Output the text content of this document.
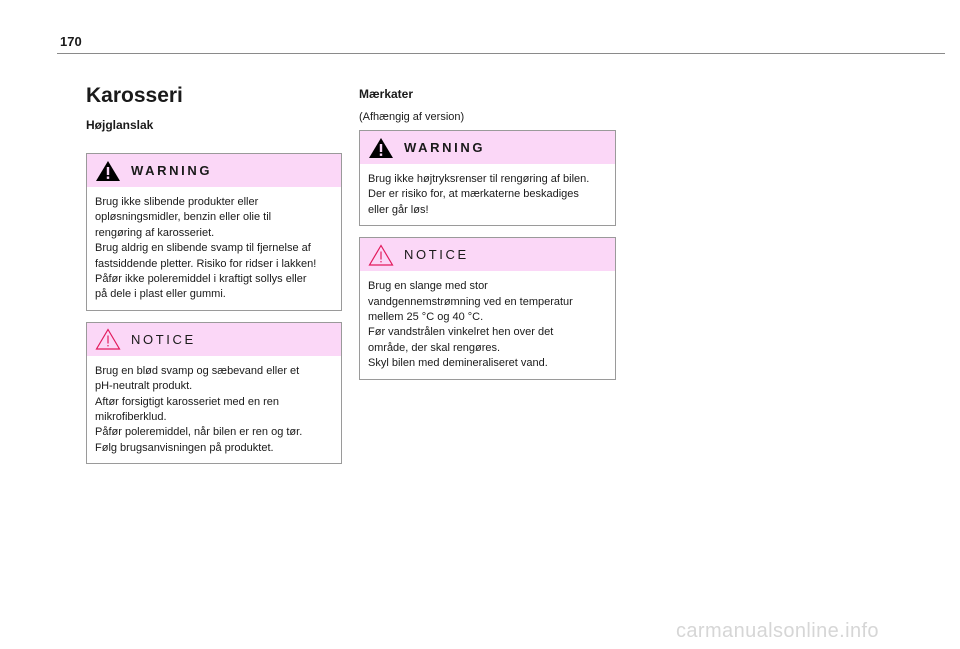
170
Karosseri
Højglanslak
WARNING

Brug ikke slibende produkter eller

opløsningsmidler, benzin eller olie til

rengøring af karosseriet.

Brug aldrig en slibende svamp til fjernelse af

fastsiddende pletter. Risiko for ridser i lakken!

Påfør ikke poleremiddel i kraftigt sollys eller

på dele i plast eller gummi.

NOTICE

Brug en blød svamp og sæbevand eller et

pH-neutralt produkt.

Aftør forsigtigt karosseriet med en ren

mikrofiberklud.

Påfør poleremiddel, når bilen er ren og tør.

Følg brugsanvisningen på produktet.

Mærkater

(Afhængig af version)

WARNING

Brug ikke højtryksrenser til rengøring af bilen.

Der er risiko for, at mærkaterne beskadiges

eller går løs!

NOTICE

Brug en slange med stor

vandgennemstrømning ved en temperatur

mellem 25 °C og 40 °C.

Før vandstrålen vinkelret hen over det

område, der skal rengøres.

Skyl bilen med demineraliseret vand.

carmanualsonline.info
